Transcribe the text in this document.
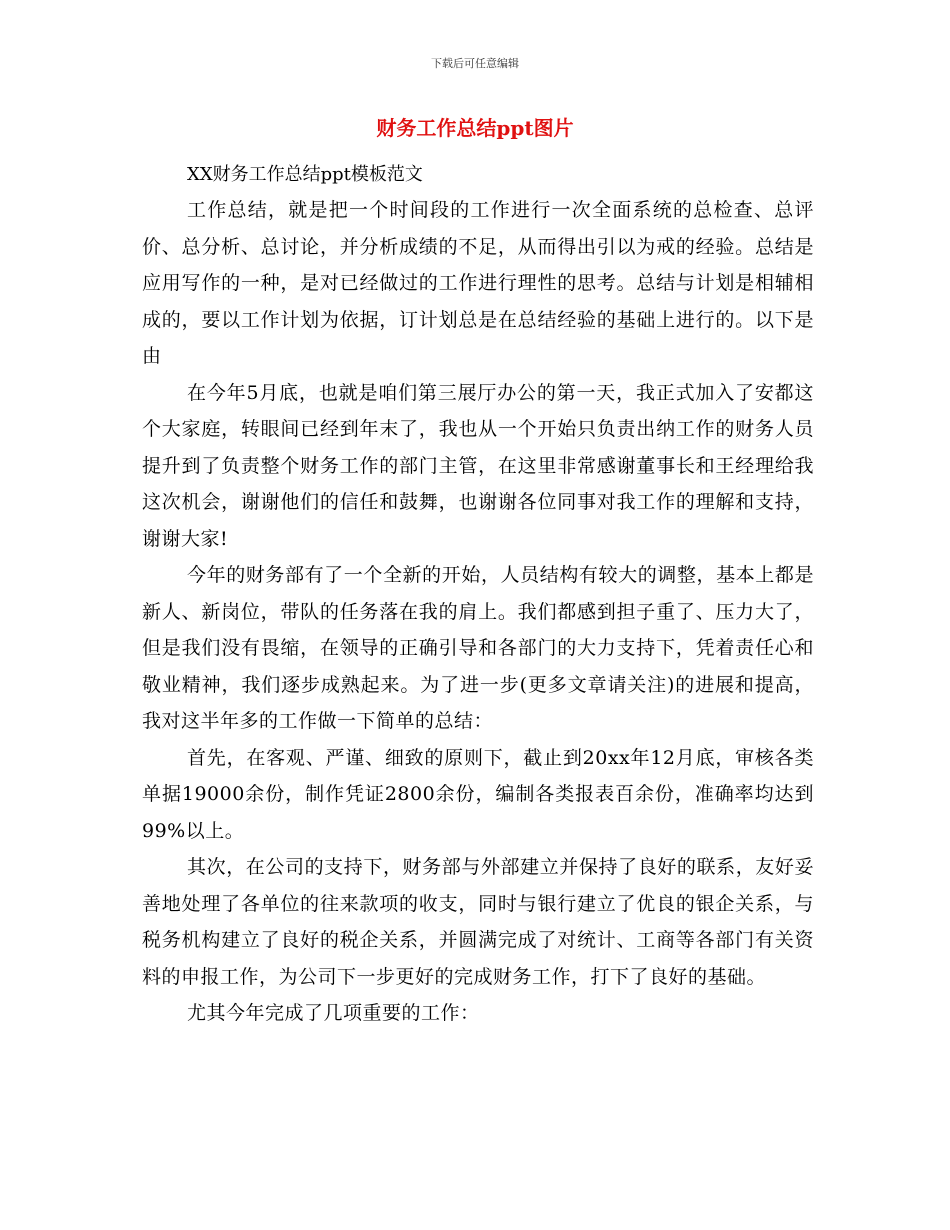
下载后可任意编辑
财务工作总结ppt图片
XX财务工作总结ppt模板范文

工作总结，就是把一个时间段的工作进行一次全面系统的总检查、总评价、总分析、总讨论，并分析成绩的不足，从而得出引以为戒的经验。总结是应用写作的一种，是对已经做过的工作进行理性的思考。总结与计划是相辅相成的，要以工作计划为依据，订计划总是在总结经验的基础上进行的。以下是由

在今年5月底，也就是咱们第三展厅办公的第一天，我正式加入了安都这个大家庭，转眼间已经到年末了，我也从一个开始只负责出纳工作的财务人员提升到了负责整个财务工作的部门主管，在这里非常感谢董事长和王经理给我这次机会，谢谢他们的信任和鼓舞，也谢谢各位同事对我工作的理解和支持，谢谢大家!

今年的财务部有了一个全新的开始，人员结构有较大的调整，基本上都是新人、新岗位，带队的任务落在我的肩上。我们都感到担子重了、压力大了，但是我们没有畏缩，在领导的正确引导和各部门的大力支持下，凭着责任心和敬业精神，我们逐步成熟起来。为了进一步(更多文章请关注)的进展和提高，我对这半年多的工作做一下简单的总结：

首先，在客观、严谨、细致的原则下，截止到20xx年12月底，审核各类单据19000余份，制作凭证2800余份，编制各类报表百余份，准确率均达到99%以上。

其次，在公司的支持下，财务部与外部建立并保持了良好的联系，友好妥善地处理了各单位的往来款项的收支，同时与银行建立了优良的银企关系，与税务机构建立了良好的税企关系，并圆满完成了对统计、工商等各部门有关资料的申报工作，为公司下一步更好的完成财务工作，打下了良好的基础。

尤其今年完成了几项重要的工作：
